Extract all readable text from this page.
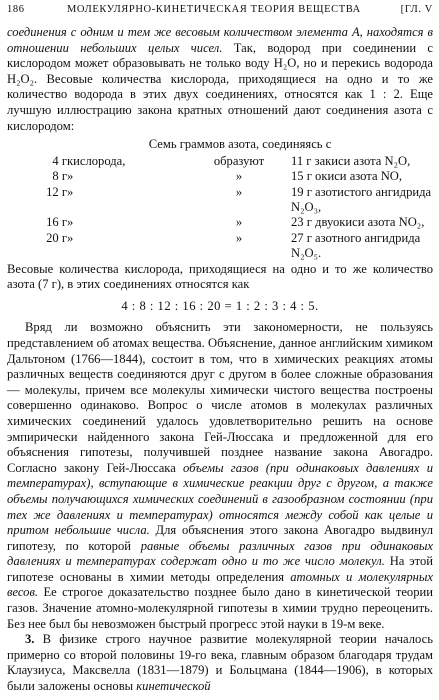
186	МОЛЕКУЛЯРНО-КИНЕТИЧЕСКАЯ ТЕОРИЯ ВЕЩЕСТВА	[ГЛ. V

соединения с одним и тем же весовым количеством элемента А, находятся в отношении небольших целых чисел. Так, водород при соединении с кислородом может образовывать не только воду H₂O, но и перекись водорода H₂O₂. Весовые количества кислорода, приходящиеся на одно и то же количество водорода в этих двух соединениях, относятся как 1 : 2. Еще лучшую иллюстрацию закона кратных отношений дают соединения азота с кислородом:

Семь граммов азота, соединяясь с
4 г	кислорода,	образуют	11 г закиси азота N₂O,
8 г	»	»	15 г окиси азота NO,
12 г	»	»	19 г азотистого ангидрида N₂O₃,
16 г	»	»	23 г двуокиси азота NO₂,
20 г	»	»	27 г азотного ангидрида N₂O₅.

Весовые количества кислорода, приходящиеся на одно и то же количество азота (7 г), в этих соединениях относятся как

4 : 8 : 12 : 16 : 20 = 1 : 2 : 3 : 4 : 5.

Вряд ли возможно объяснить эти закономерности, не пользуясь представлением об атомах вещества. Объяснение, данное английским химиком Дальтоном (1766—1844), состоит в том, что в химических реакциях атомы различных веществ соединяются друг с другом в более сложные образования — молекулы, причем все молекулы химически чистого вещества построены совершенно одинаково. Вопрос о числе атомов в молекулах различных химических соединений удалось удовлетворительно решить на основе эмпирически найденного закона Гей-Люссака и предложенной для его объяснения гипотезы, получившей позднее название закона Авогадро. Согласно закону Гей-Люссака объемы газов (при одинаковых давлениях и температурах), вступающие в химические реакции друг с другом, а также объемы получающихся химических соединений в газообразном состоянии (при тех же давлениях и температурах) относятся между собой как целые и притом небольшие числа. Для объяснения этого закона Авогадро выдвинул гипотезу, по которой равные объемы различных газов при одинаковых давлениях и температурах содержат одно и то же число молекул. На этой гипотезе основаны в химии методы определения атомных и молекулярных весов. Ее строгое доказательство позднее было дано в кинетической теории газов. Значение атомно-молекулярной гипотезы в химии трудно переоценить. Без нее был бы невозможен быстрый прогресс этой науки в 19-м веке.

3. В физике строго научное развитие молекулярной теории началось примерно со второй половины 19-го века, главным образом благодаря трудам Клаузиуса, Максвелла (1831—1879) и Больцмана (1844—1906), в которых были заложены основы кинетической
